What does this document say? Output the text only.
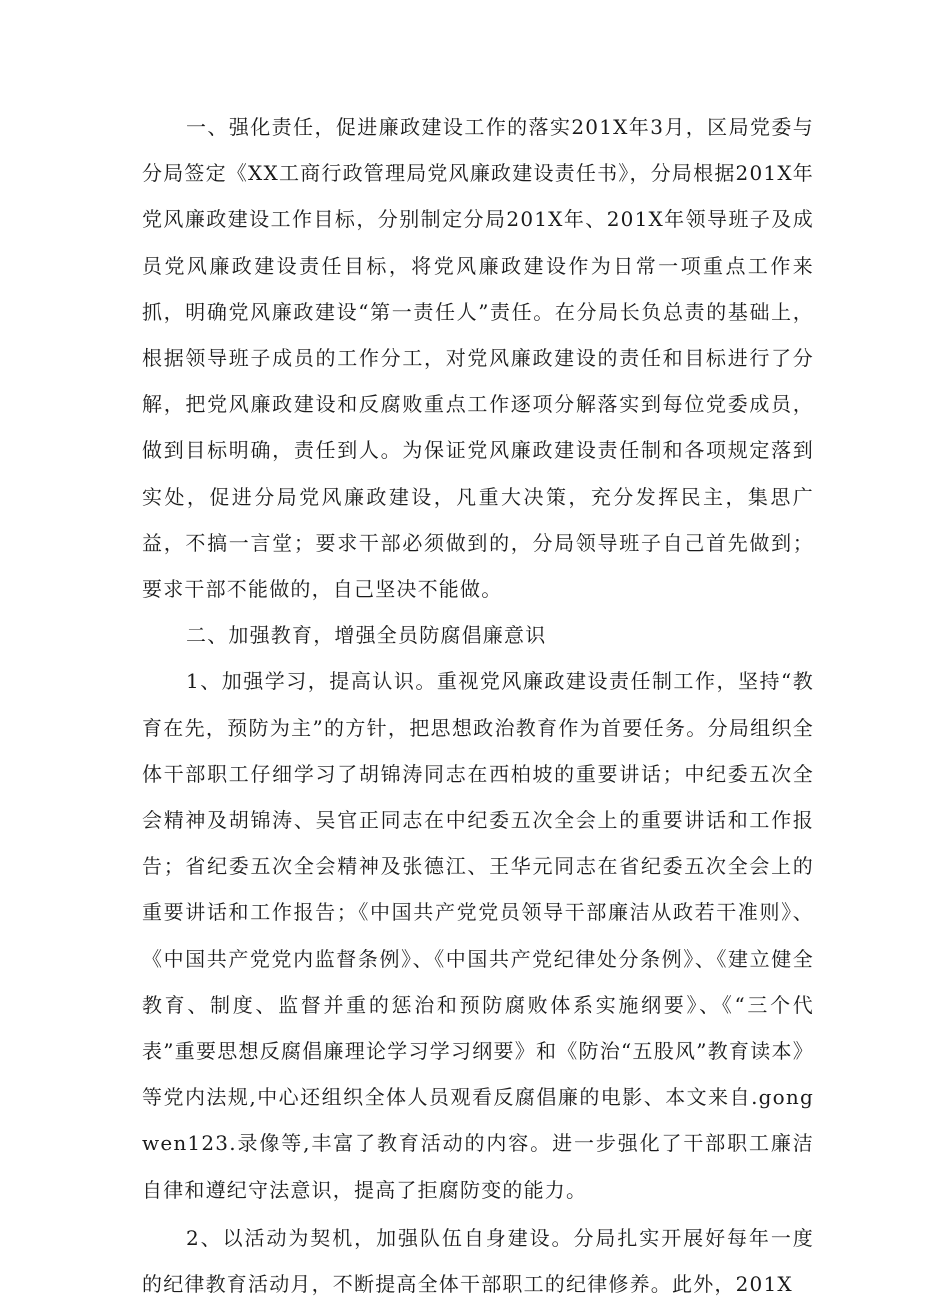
一、强化责任，促进廉政建设工作的落实201X年3月，区局党委与分局签定《XX工商行政管理局党风廉政建设责任书》，分局根据201X年党风廉政建设工作目标，分别制定分局201X年、201X年领导班子及成员党风廉政建设责任目标，将党风廉政建设作为日常一项重点工作来抓，明确党风廉政建设“第一责任人”责任。在分局长负总责的基础上，根据领导班子成员的工作分工，对党风廉政建设的责任和目标进行了分解，把党风廉政建设和反腐败重点工作逐项分解落实到每位党委成员，做到目标明确，责任到人。为保证党风廉政建设责任制和各项规定落到实处，促进分局党风廉政建设，凡重大决策，充分发挥民主，集思广益，不搞一言堂；要求干部必须做到的，分局领导班子自己首先做到；要求干部不能做的，自己坚决不能做。

二、加强教育，增强全员防腐倡廉意识

1、加强学习，提高认识。重视党风廉政建设责任制工作，坚持“教育在先，预防为主”的方针，把思想政治教育作为首要任务。分局组织全体干部职工仔细学习了胡锦涛同志在西柏坡的重要讲话；中纪委五次全会精神及胡锦涛、吴官正同志在中纪委五次全会上的重要讲话和工作报告；省纪委五次全会精神及张德江、王华元同志在省纪委五次全会上的重要讲话和工作报告；《中国共产党党员领导干部廉洁从政若干准则》、《中国共产党党内监督条例》、《中国共产党纪律处分条例》、《建立健全教育、制度、监督并重的惩治和预防腐败体系实施纲要》、《“三个代表”重要思想反腐倡廉理论学习学习纲要》和《防治“五股风”教育读本》等党内法规,中心还组织全体人员观看反腐倡廉的电影、本文来自.gongwen123.录像等,丰富了教育活动的内容。进一步强化了干部职工廉洁自律和遵纪守法意识，提高了拒腐防变的能力。

2、以活动为契机，加强队伍自身建设。分局扎实开展好每年一度的纪律教育活动月，不断提高全体干部职工的纪律修养。此外，201X
